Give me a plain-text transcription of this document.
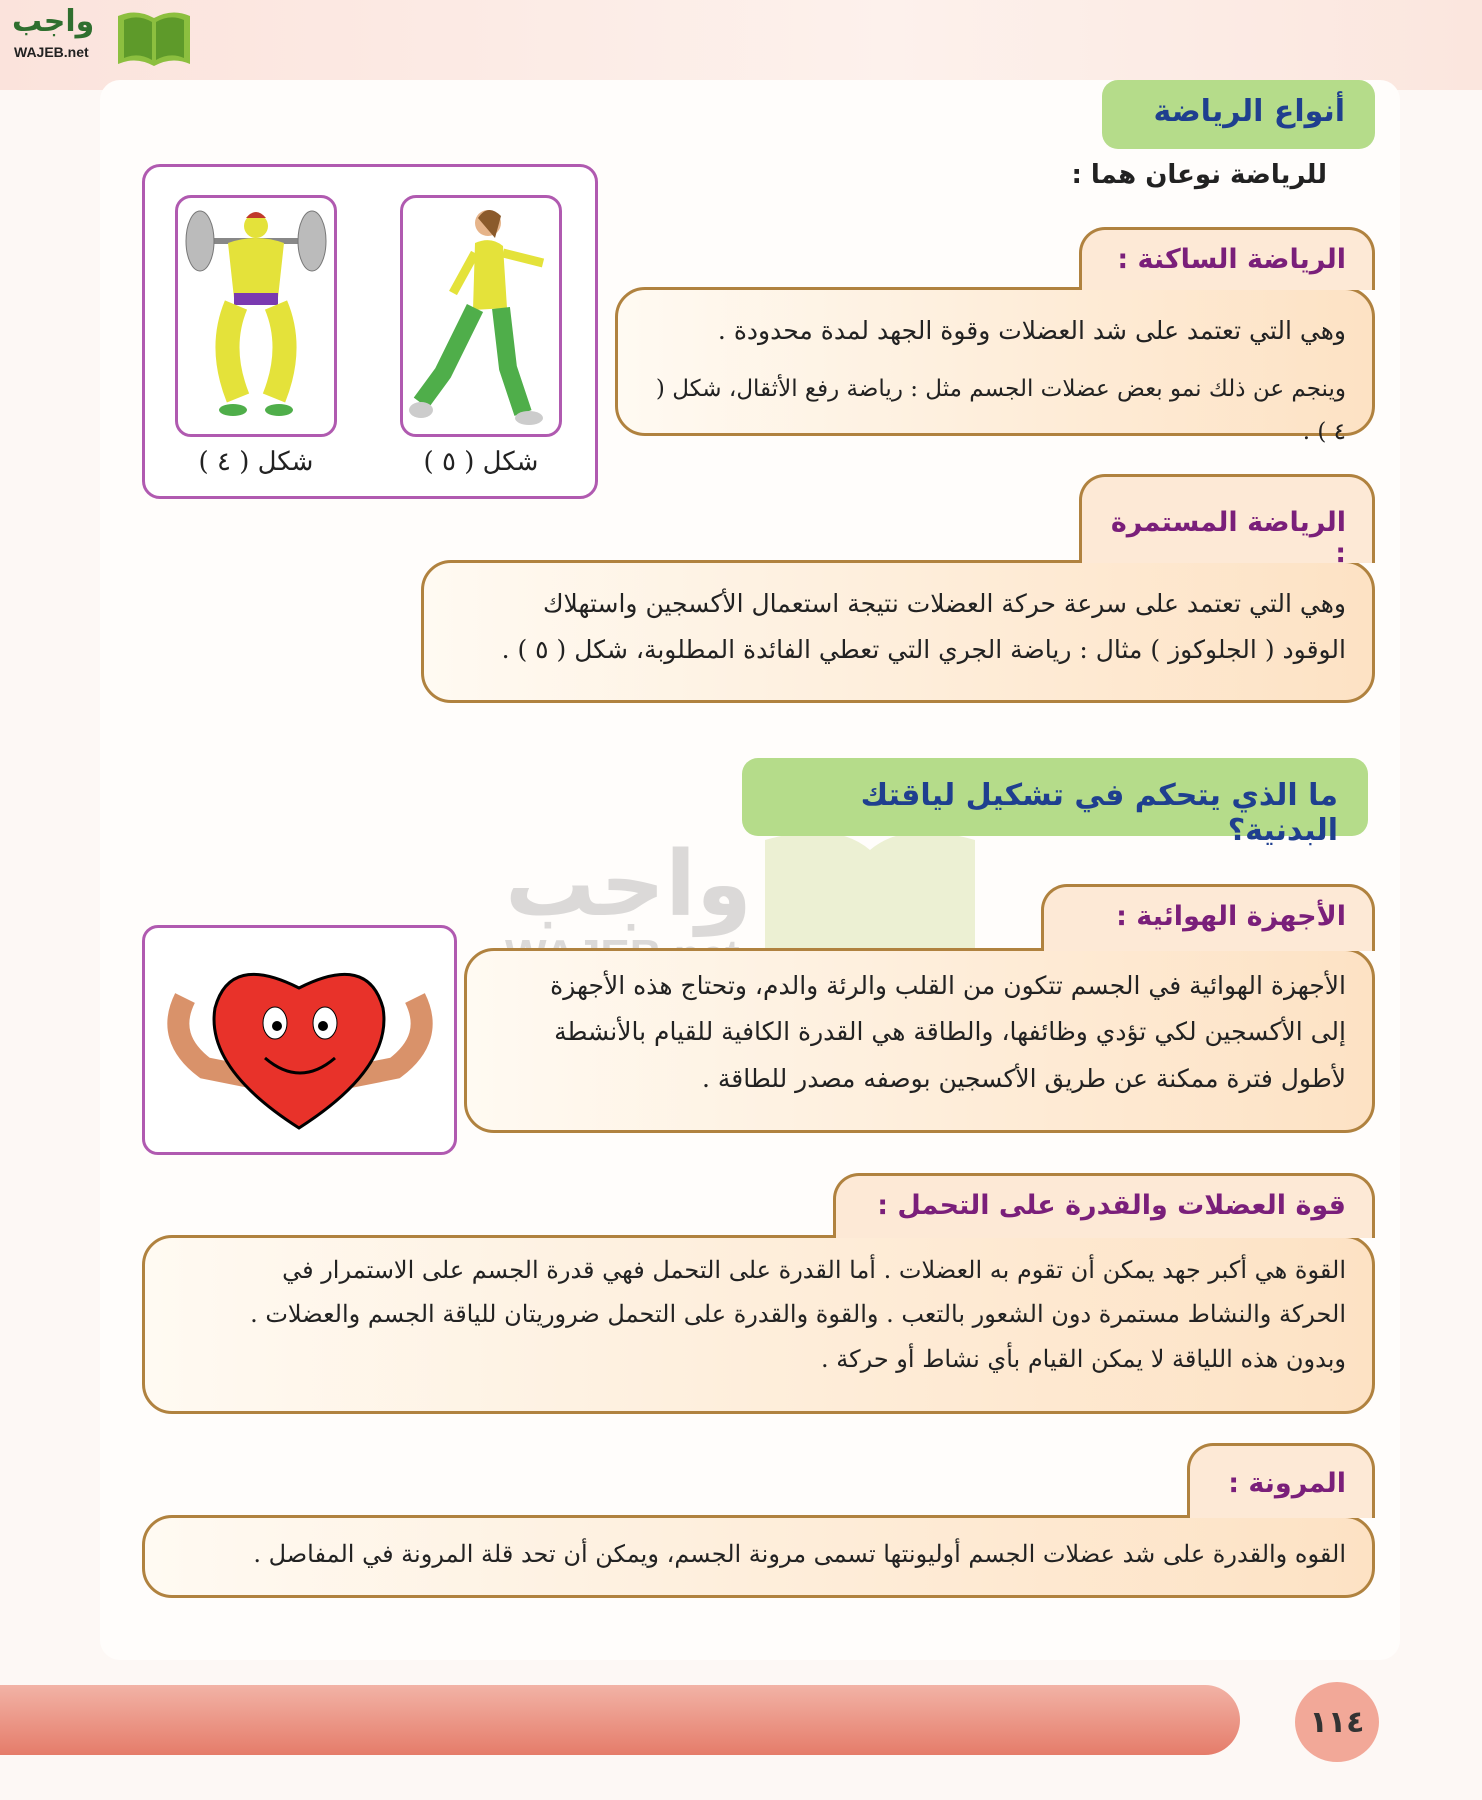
واجب
WAJEB.net
واجب
أنواع الرياضة
للرياضة نوعان هما :
شكل ( ٥ )
شكل ( ٤ )
الرياضة الساكنة :

وهي التي تعتمد على شد العضلات وقوة الجهد لمدة محدودة .

وينجم عن ذلك نمو بعض عضلات الجسم مثل : رياضة رفع الأثقال، شكل ( ٤ ) .

الرياضة المستمرة :

وهي التي تعتمد على سرعة حركة العضلات نتيجة استعمال الأكسجين واستهلاك

الوقود ( الجلوكوز ) مثال : رياضة الجري التي تعطي الفائدة المطلوبة، شكل ( ٥ ) .

ما الذي يتحكم في تشكيل لياقتك البدنية؟
الأجهزة الهوائية :

الأجهزة الهوائية في الجسم تتكون من القلب والرئة والدم، وتحتاج هذه الأجهزة

إلى الأكسجين لكي تؤدي وظائفها، والطاقة هي القدرة الكافية للقيام بالأنشطة

لأطول فترة ممكنة عن طريق الأكسجين بوصفه مصدر للطاقة .

قوة العضلات والقدرة على التحمل :

القوة هي أكبر جهد يمكن أن تقوم به العضلات . أما القدرة على التحمل فهي قدرة الجسم على الاستمرار في

الحركة والنشاط مستمرة دون الشعور بالتعب . والقوة والقدرة على التحمل ضروريتان للياقة الجسم والعضلات .

وبدون هذه اللياقة لا يمكن القيام بأي نشاط أو حركة .

المرونة :

القوه والقدرة على شد عضلات الجسم أوليونتها تسمى مرونة الجسم، ويمكن أن تحد قلة المرونة في المفاصل .

١١٤
